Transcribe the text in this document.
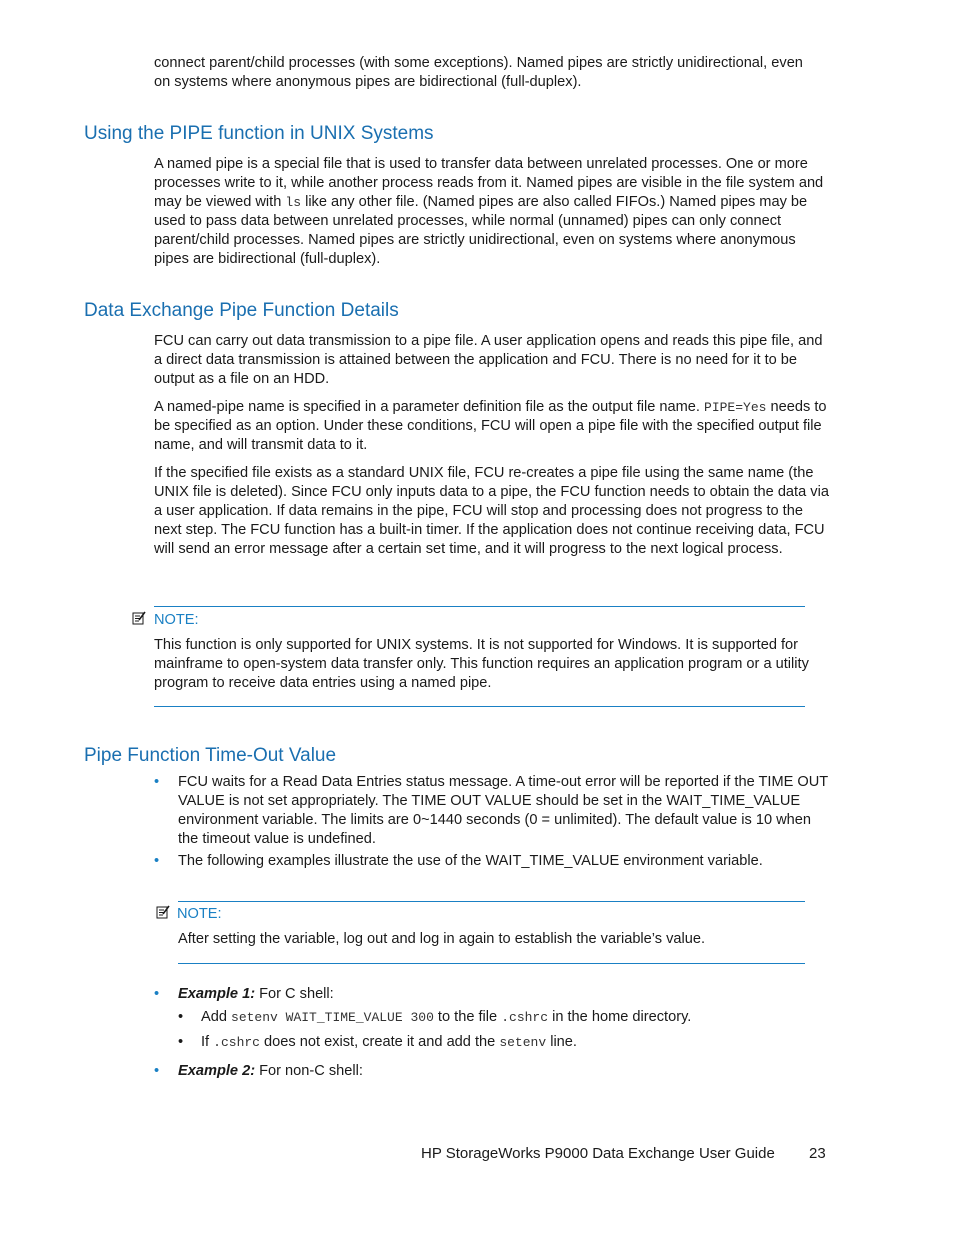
connect parent/child processes (with some exceptions). Named pipes are strictly unidirectional, even
on systems where anonymous pipes are bidirectional (full-duplex).
Using the PIPE function in UNIX Systems

A named pipe is a special file that is used to transfer data between unrelated processes. One or more processes write to it, while another process reads from it. Named pipes are visible in the file system and may be viewed with ls like any other file. (Named pipes are also called FIFOs.) Named pipes may be used to pass data between unrelated processes, while normal (unnamed) pipes can only connect parent/child processes. Named pipes are strictly unidirectional, even on systems where anonymous pipes are bidirectional (full-duplex).

Data Exchange Pipe Function Details

FCU can carry out data transmission to a pipe file. A user application opens and reads this pipe file, and a direct data transmission is attained between the application and FCU. There is no need for it to be output as a file on an HDD.

A named-pipe name is specified in a parameter definition file as the output file name. PIPE=Yes needs to be specified as an option. Under these conditions, FCU will open a pipe file with the specified output file name, and will transmit data to it.

If the specified file exists as a standard UNIX file, FCU re-creates a pipe file using the same name (the UNIX file is deleted). Since FCU only inputs data to a pipe, the FCU function needs to obtain the data via a user application. If data remains in the pipe, FCU will stop and processing does not progress to the next step. The FCU function has a built-in timer. If the application does not continue receiving data, FCU will send an error message after a certain set time, and it will progress to the next logical process.

NOTE:

This function is only supported for UNIX systems. It is not supported for Windows. It is supported for mainframe to open-system data transfer only. This function requires an application program or a utility program to receive data entries using a named pipe.

Pipe Function Time-Out Value
• FCU waits for a Read Data Entries status message. A time-out error will be reported if the TIME OUT VALUE is not set appropriately. The TIME OUT VALUE should be set in the WAIT_TIME_VALUE environment variable. The limits are 0~1440 seconds (0 = unlimited). The default value is 10 when the timeout value is undefined.

• The following examples illustrate the use of the WAIT_TIME_VALUE environment variable.

NOTE:

After setting the variable, log out and log in again to establish the variable’s value.

• Example 1: For C shell:

• Add setenv WAIT_TIME_VALUE 300 to the file .cshrc in the home directory.

• If .cshrc does not exist, create it and add the setenv line.

• Example 2: For non-C shell:

HP StorageWorks P9000 Data Exchange User Guide 23
